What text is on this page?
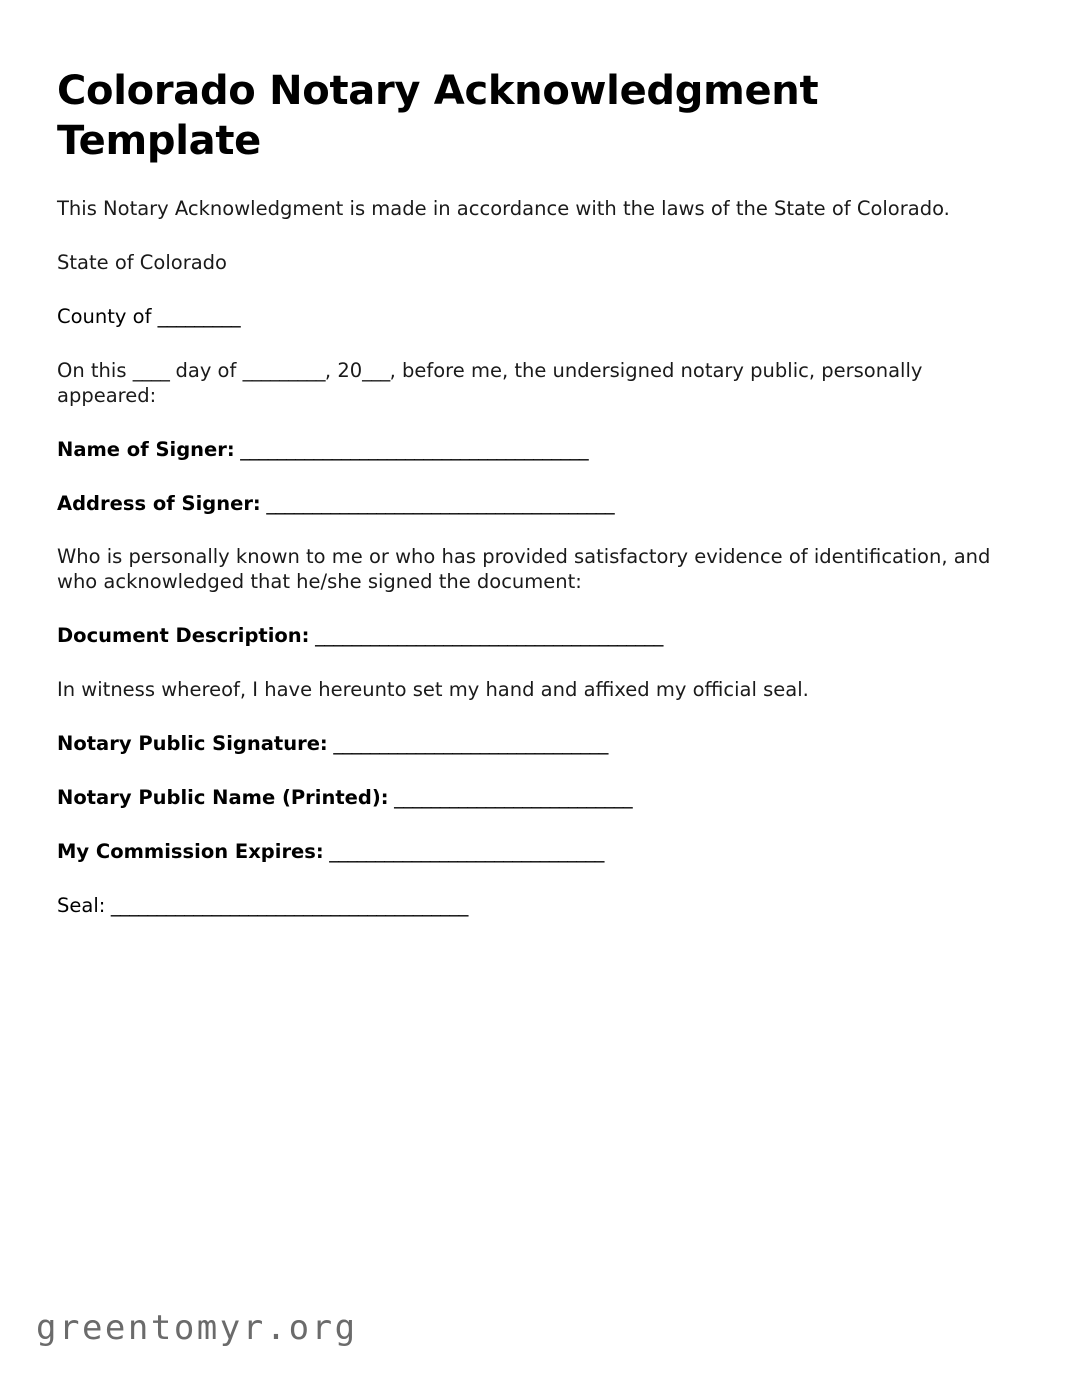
Colorado Notary Acknowledgment Template

This Notary Acknowledgment is made in accordance with the laws of the State of Colorado.

State of Colorado

County of _________

On this ____ day of _________, 20___, before me, the undersigned notary public, personally appeared:

Name of Signer: ______________________________________

Address of Signer: ______________________________________

Who is personally known to me or who has provided satisfactory evidence of identification, and who acknowledged that he/she signed the document:

Document Description: ______________________________________

In witness whereof, I have hereunto set my hand and affixed my official seal.

Notary Public Signature: ______________________________

Notary Public Name (Printed): __________________________

My Commission Expires: ______________________________

Seal: _______________________________________

greentomyr.org
